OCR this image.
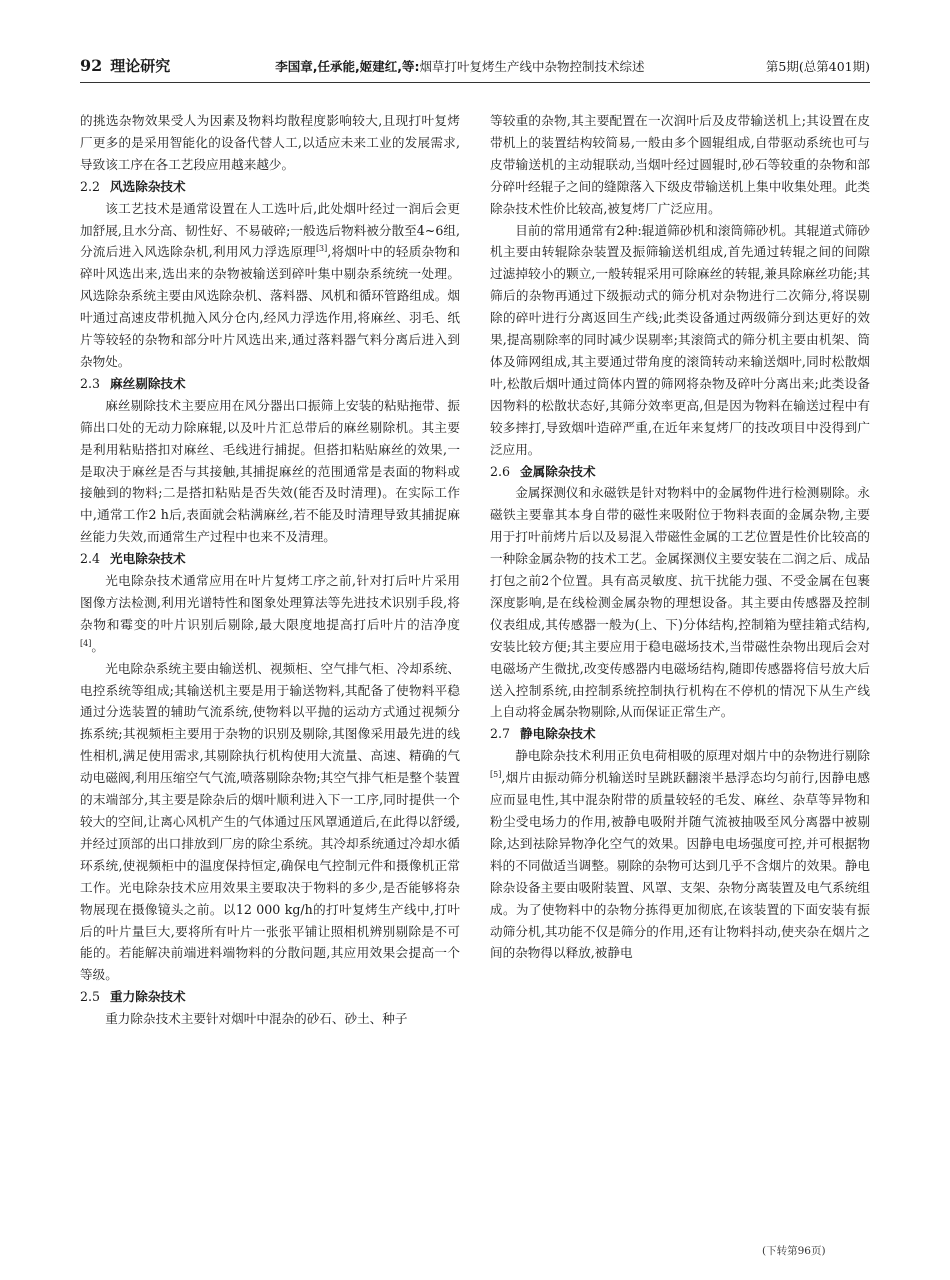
92 理论研究	李国章,任承能,姬建红,等: 烟草打叶复烤生产线中杂物控制技术综述	第5期(总第401期)

的挑选杂物效果受人为因素及物料均散程度影响较大,且现打叶复烤厂更多的是采用智能化的设备代替人工,以适应未来工业的发展需求,导致该工序在各工艺段应用越来越少。

2.2 风选除杂技术

该工艺技术是通常设置在人工选叶后,此处烟叶经过一润后会更加舒展,且水分高、韧性好、不易破碎;一般选后物料被分散至4~6组,分流后进入风选除杂机,利用风力浮选原理[3],将烟叶中的轻质杂物和碎叶风选出来,选出来的杂物被输送到碎叶集中剔杂系统统一处理。风选除杂系统主要由风选除杂机、落料器、风机和循环管路组成。烟叶通过高速皮带机抛入风分仓内,经风力浮选作用,将麻丝、羽毛、纸片等较轻的杂物和部分叶片风选出来,通过落料器气料分离后进入到杂物处。

2.3 麻丝剔除技术

麻丝剔除技术主要应用在风分器出口振筛上安装的粘贴拖带、振筛出口处的无动力除麻辊,以及叶片汇总带后的麻丝剔除机。其主要是利用粘贴搭扣对麻丝、毛线进行捕捉。但搭扣粘贴麻丝的效果,一是取决于麻丝是否与其接触,其捕捉麻丝的范围通常是表面的物料或接触到的物料;二是搭扣粘贴是否失效(能否及时清理)。在实际工作中,通常工作2 h后,表面就会粘满麻丝,若不能及时清理导致其捕捉麻丝能力失效,而通常生产过程中也来不及清理。

2.4 光电除杂技术

光电除杂技术通常应用在叶片复烤工序之前,针对打后叶片采用图像方法检测,利用光谱特性和图象处理算法等先进技术识别手段,将杂物和霉变的叶片识别后剔除,最大限度地提高打后叶片的洁净度[4]。

光电除杂系统主要由输送机、视频柜、空气排气柜、冷却系统、电控系统等组成;其输送机主要是用于输送物料,其配备了使物料平稳通过分选装置的辅助气流系统,使物料以平抛的运动方式通过视频分拣系统;其视频柜主要用于杂物的识别及剔除,其图像采用最先进的线性相机,满足使用需求,其剔除执行机构使用大流量、高速、精确的气动电磁阀,利用压缩空气气流,喷落剔除杂物;其空气排气柜是整个装置的末端部分,其主要是除杂后的烟叶顺利进入下一工序,同时提供一个较大的空间,让离心风机产生的气体通过压风罩通道后,在此得以舒缓,并经过顶部的出口排放到厂房的除尘系统。其冷却系统通过冷却水循环系统,使视频柜中的温度保持恒定,确保电气控制元件和摄像机正常工作。光电除杂技术应用效果主要取决于物料的多少,是否能够将杂物展现在摄像镜头之前。以12 000 kg/h的打叶复烤生产线中,打叶后的叶片量巨大,要将所有叶片一张张平铺让照相机辨别剔除是不可能的。若能解决前端进料端物料的分散问题,其应用效果会提高一个等级。

2.5 重力除杂技术

重力除杂技术主要针对烟叶中混杂的砂石、砂土、种子

等较重的杂物,其主要配置在一次润叶后及皮带输送机上;其设置在皮带机上的装置结构较简易,一般由多个圆辊组成,自带驱动系统也可与皮带输送机的主动辊联动,当烟叶经过圆辊时,砂石等较重的杂物和部分碎叶经辊子之间的缝隙落入下级皮带输送机上集中收集处理。此类除杂技术性价比较高,被复烤厂广泛应用。

目前的常用通常有2种:辊道筛砂机和滚筒筛砂机。其辊道式筛砂机主要由转辊除杂装置及振筛输送机组成,首先通过转辊之间的间隙过滤掉较小的颗立,一般转辊采用可除麻丝的转辊,兼具除麻丝功能;其筛后的杂物再通过下级振动式的筛分机对杂物进行二次筛分,将误剔除的碎叶进行分离返回生产线;此类设备通过两级筛分到达更好的效果,提高剔除率的同时减少误剔率;其滚筒式的筛分机主要由机架、筒体及筛网组成,其主要通过带角度的滚筒转动来输送烟叶,同时松散烟叶,松散后烟叶通过筒体内置的筛网将杂物及碎叶分离出来;此类设备因物料的松散状态好,其筛分效率更高,但是因为物料在输送过程中有较多摔打,导致烟叶造碎严重,在近年来复烤厂的技改项目中没得到广泛应用。

2.6 金属除杂技术

金属探测仪和永磁铁是针对物料中的金属物件进行检测剔除。永磁铁主要靠其本身自带的磁性来吸附位于物料表面的金属杂物,主要用于打叶前烤片后以及易混入带磁性金属的工艺位置是性价比较高的一种除金属杂物的技术工艺。金属探测仪主要安装在二润之后、成品打包之前2个位置。具有高灵敏度、抗干扰能力强、不受金属在包裹深度影响,是在线检测金属杂物的理想设备。其主要由传感器及控制仪表组成,其传感器一般为(上、下)分体结构,控制箱为壁挂箱式结构,安装比较方便;其主要应用于稳电磁场技术,当带磁性杂物出现后会对电磁场产生微扰,改变传感器内电磁场结构,随即传感器将信号放大后送入控制系统,由控制系统控制执行机构在不停机的情况下从生产线上自动将金属杂物剔除,从而保证正常生产。

2.7 静电除杂技术

静电除杂技术利用正负电荷相吸的原理对烟片中的杂物进行剔除[5],烟片由振动筛分机输送时呈跳跃翻滚半悬浮态均匀前行,因静电感应而显电性,其中混杂附带的质量较轻的毛发、麻丝、杂草等异物和粉尘受电场力的作用,被静电吸附并随气流被抽吸至风分离器中被剔除,达到祛除异物净化空气的效果。因静电电场强度可控,并可根据物料的不同做适当调整。剔除的杂物可达到几乎不含烟片的效果。静电除杂设备主要由吸附装置、风罩、支架、杂物分离装置及电气系统组成。为了使物料中的杂物分拣得更加彻底,在该装置的下面安装有振动筛分机,其功能不仅是筛分的作用,还有让物料抖动,使夹杂在烟片之间的杂物得以释放,被静电

(下转第96页)
